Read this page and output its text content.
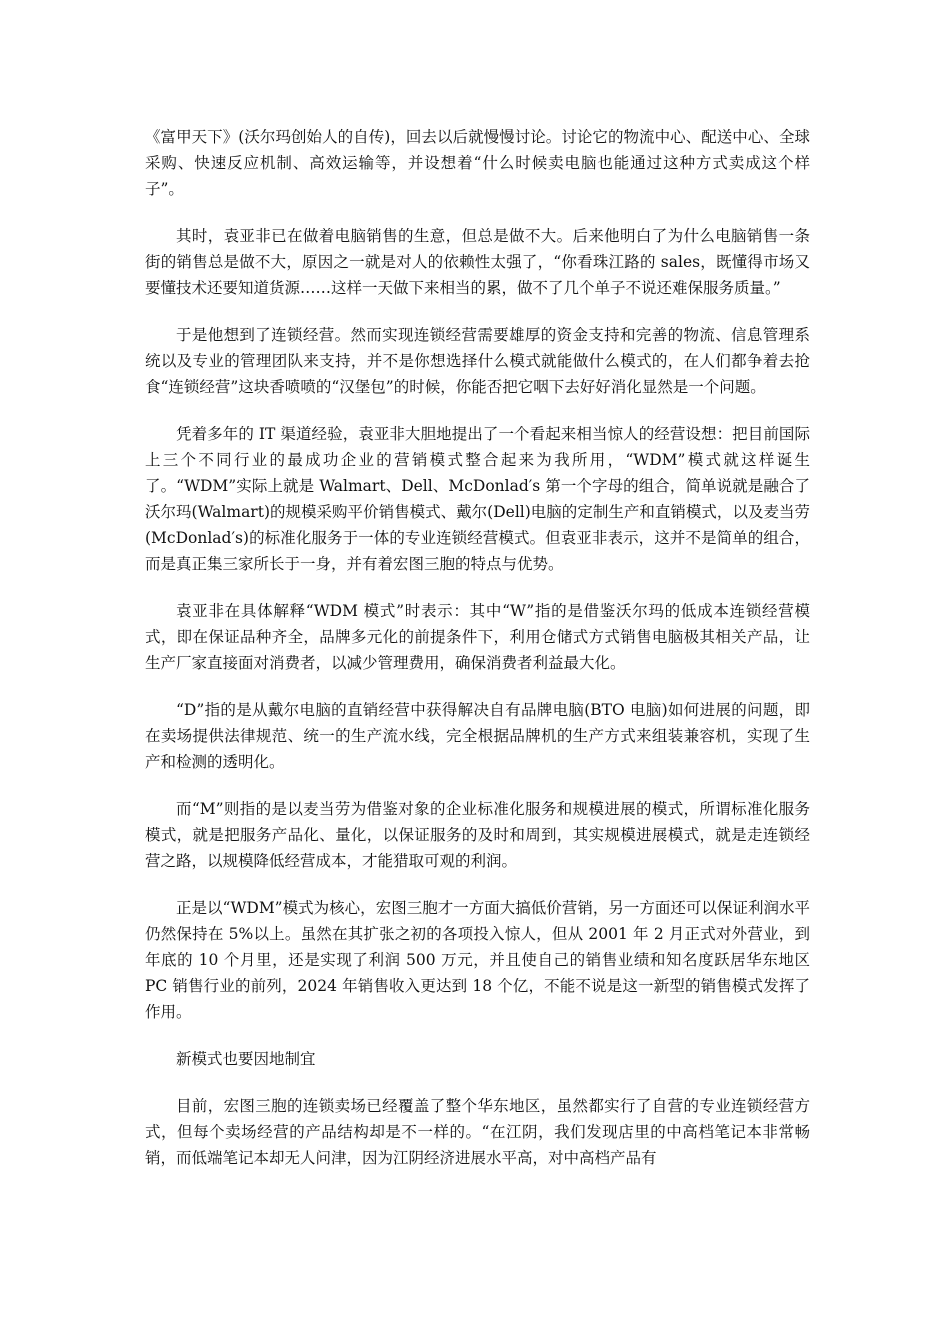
《富甲天下》(沃尔玛创始人的自传)，回去以后就慢慢讨论。讨论它的物流中心、配送中心、全球采购、快速反应机制、高效运输等，并设想着“什么时候卖电脑也能通过这种方式卖成这个样子”。

其时，袁亚非已在做着电脑销售的生意，但总是做不大。后来他明白了为什么电脑销售一条街的销售总是做不大，原因之一就是对人的依赖性太强了，“你看珠江路的 sales，既懂得市场又要懂技术还要知道货源……这样一天做下来相当的累，做不了几个单子不说还难保服务质量。”

于是他想到了连锁经营。然而实现连锁经营需要雄厚的资金支持和完善的物流、信息管理系统以及专业的管理团队来支持，并不是你想选择什么模式就能做什么模式的，在人们都争着去抢食“连锁经营”这块香喷喷的“汉堡包”的时候，你能否把它咽下去好好消化显然是一个问题。

凭着多年的 IT 渠道经验，袁亚非大胆地提出了一个看起来相当惊人的经营设想：把目前国际上三个不同行业的最成功企业的营销模式整合起来为我所用，“WDM”模式就这样诞生了。“WDM”实际上就是 Walmart、Dell、McDonlad′s 第一个字母的组合，简单说就是融合了沃尔玛(Walmart)的规模采购平价销售模式、戴尔(Dell)电脑的定制生产和直销模式，以及麦当劳(McDonlad′s)的标准化服务于一体的专业连锁经营模式。但袁亚非表示，这并不是简单的组合，而是真正集三家所长于一身，并有着宏图三胞的特点与优势。

袁亚非在具体解释“WDM 模式”时表示：其中“W”指的是借鉴沃尔玛的低成本连锁经营模式，即在保证品种齐全，品牌多元化的前提条件下，利用仓储式方式销售电脑极其相关产品，让生产厂家直接面对消费者，以减少管理费用，确保消费者利益最大化。

“D”指的是从戴尔电脑的直销经营中获得解决自有品牌电脑(BTO 电脑)如何进展的问题，即在卖场提供法律规范、统一的生产流水线，完全根据品牌机的生产方式来组装兼容机，实现了生产和检测的透明化。

而“M”则指的是以麦当劳为借鉴对象的企业标准化服务和规模进展的模式，所谓标准化服务模式，就是把服务产品化、量化，以保证服务的及时和周到，其实规模进展模式，就是走连锁经营之路，以规模降低经营成本，才能猎取可观的利润。

正是以“WDM”模式为核心，宏图三胞才一方面大搞低价营销，另一方面还可以保证利润水平仍然保持在 5%以上。虽然在其扩张之初的各项投入惊人，但从 2001 年 2 月正式对外营业，到年底的 10 个月里，还是实现了利润 500 万元，并且使自己的销售业绩和知名度跃居华东地区 PC 销售行业的前列，2024 年销售收入更达到 18 个亿，不能不说是这一新型的销售模式发挥了作用。

新模式也要因地制宜

目前，宏图三胞的连锁卖场已经覆盖了整个华东地区，虽然都实行了自营的专业连锁经营方式，但每个卖场经营的产品结构却是不一样的。“在江阴，我们发现店里的中高档笔记本非常畅销，而低端笔记本却无人问津，因为江阴经济进展水平高，对中高档产品有
